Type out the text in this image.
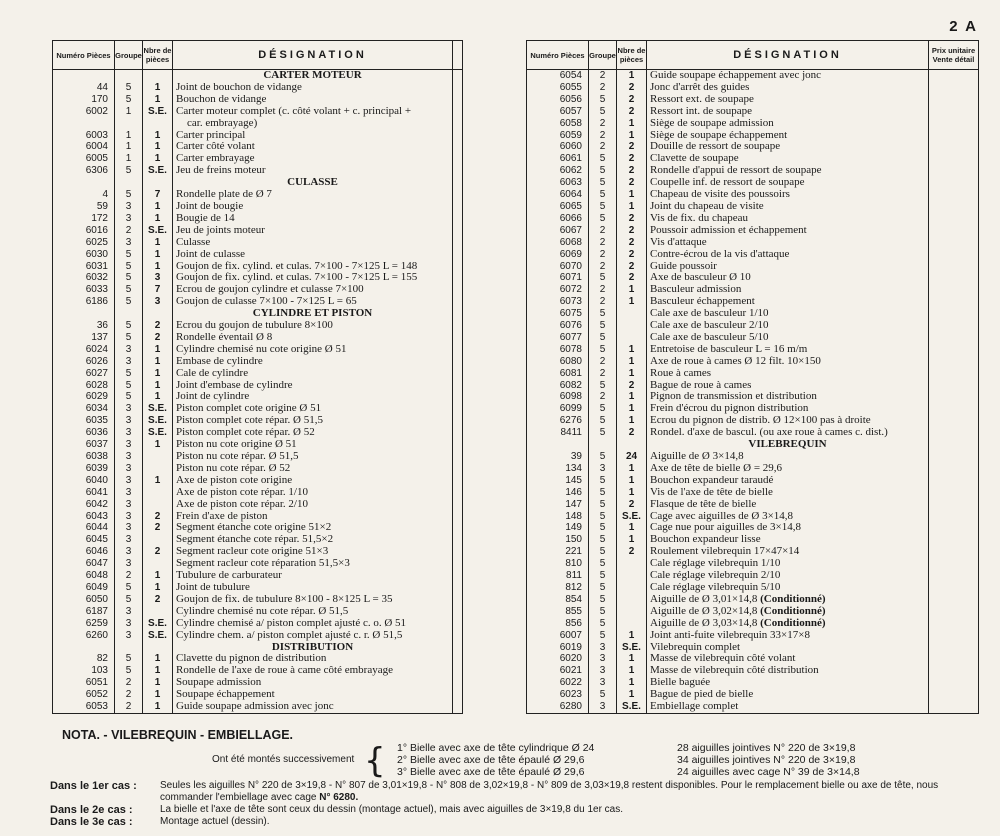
2 A
Numéro Pièces	Groupe	Nbre de pièces	DÉSIGNATION	
			CARTER MOTEUR	
44	5	1	Joint de bouchon de vidange	
170	5	1	Bouchon de vidange	
6002	1	S.E.	Carter moteur complet (c. côté volant + c. principal +	
			car. embrayage)	
6003	1	1	Carter principal	
6004	1	1	Carter côté volant	
6005	1	1	Carter embrayage	
6306	5	S.E.	Jeu de freins moteur	
			CULASSE	
4	5	7	Rondelle plate de Ø 7	
59	3	1	Joint de bougie	
172	3	1	Bougie de 14	
6016	2	S.E.	Jeu de joints moteur	
6025	3	1	Culasse	
6030	5	1	Joint de culasse	
6031	5	1	Goujon de fix. cylind. et culas. 7×100 - 7×125 L = 148	
6032	5	3	Goujon de fix. cylind. et culas. 7×100 - 7×125 L = 155	
6033	5	7	Ecrou de goujon cylindre et culasse 7×100	
6186	5	3	Goujon de culasse 7×100 - 7×125 L = 65	
			CYLINDRE ET PISTON	
36	5	2	Ecrou du goujon de tubulure 8×100	
137	5	2	Rondelle éventail Ø 8	
6024	3	1	Cylindre chemisé nu cote origine Ø 51	
6026	3	1	Embase de cylindre	
6027	5	1	Cale de cylindre	
6028	5	1	Joint d'embase de cylindre	
6029	5	1	Joint de cylindre	
6034	3	S.E.	Piston complet cote origine Ø 51	
6035	3	S.E.	Piston complet cote répar. Ø 51,5	
6036	3	S.E.	Piston complet cote répar. Ø 52	
6037	3	1	Piston nu cote origine Ø 51	
6038	3		Piston nu cote répar. Ø 51,5	
6039	3		Piston nu cote répar. Ø 52	
6040	3	1	Axe de piston cote origine	
6041	3		Axe de piston cote répar. 1/10	
6042	3		Axe de piston cote répar. 2/10	
6043	3	2	Frein d'axe de piston	
6044	3	2	Segment étanche cote origine 51×2	
6045	3		Segment étanche cote répar. 51,5×2	
6046	3	2	Segment racleur cote origine 51×3	
6047	3		Segment racleur cote réparation 51,5×3	
6048	2	1	Tubulure de carburateur	
6049	5	1	Joint de tubulure	
6050	5	2	Goujon de fix. de tubulure 8×100 - 8×125 L = 35	
6187	3		Cylindre chemisé nu cote répar. Ø 51,5	
6259	3	S.E.	Cylindre chemisé a/ piston complet ajusté c. o. Ø 51	
6260	3	S.E.	Cylindre chem. a/ piston complet ajusté c. r. Ø 51,5	
			DISTRIBUTION	
82	5	1	Clavette du pignon de distribution	
103	5	1	Rondelle de l'axe de roue à came côté embrayage	
6051	2	1	Soupape admission	
6052	2	1	Soupape échappement	
6053	2	1	Guide soupape admission avec jonc	
Numéro Pièces	Groupe	Nbre de pièces	DÉSIGNATION	Prix unitaire Vente détail
6054	2	1	Guide soupape échappement avec jonc	
6055	2	2	Jonc d'arrêt des guides	
6056	5	2	Ressort ext. de soupape	
6057	5	2	Ressort int. de soupape	
6058	2	1	Siège de soupape admission	
6059	2	1	Siège de soupape échappement	
6060	2	2	Douille de ressort de soupape	
6061	5	2	Clavette de soupape	
6062	5	2	Rondelle d'appui de ressort de soupape	
6063	5	2	Coupelle inf. de ressort de soupape	
6064	5	1	Chapeau de visite des poussoirs	
6065	5	1	Joint du chapeau de visite	
6066	5	2	Vis de fix. du chapeau	
6067	2	2	Poussoir admission et échappement	
6068	2	2	Vis d'attaque	
6069	2	2	Contre-écrou de la vis d'attaque	
6070	2	2	Guide poussoir	
6071	5	2	Axe de basculeur Ø 10	
6072	2	1	Basculeur admission	
6073	2	1	Basculeur échappement	
6075	5		Cale axe de basculeur 1/10	
6076	5		Cale axe de basculeur 2/10	
6077	5		Cale axe de basculeur 5/10	
6078	5	1	Entretoise de basculeur L = 16 m/m	
6080	2	1	Axe de roue à cames Ø 12 filt. 10×150	
6081	2	1	Roue à cames	
6082	5	2	Bague de roue à cames	
6098	2	1	Pignon de transmission et distribution	
6099	5	1	Frein d'écrou du pignon distribution	
6276	5	1	Ecrou du pignon de distrib. Ø 12×100 pas à droite	
8411	5	2	Rondel. d'axe de bascul. (ou axe roue à cames c. dist.)	
			VILEBREQUIN	
39	5	24	Aiguille de Ø 3×14,8	
134	3	1	Axe de tête de bielle Ø = 29,6	
145	5	1	Bouchon expandeur taraudé	
146	5	1	Vis de l'axe de tête de bielle	
147	5	2	Flasque de tête de bielle	
148	5	S.E.	Cage avec aiguilles de Ø 3×14,8	
149	5	1	Cage nue pour aiguilles de 3×14,8	
150	5	1	Bouchon expandeur lisse	
221	5	2	Roulement vilebrequin 17×47×14	
810	5		Cale réglage vilebrequin 1/10	
811	5		Cale réglage vilebrequin 2/10	
812	5		Cale réglage vilebrequin 5/10	
854	5		Aiguille de Ø 3,01×14,8 (Conditionné)	
855	5		Aiguille de Ø 3,02×14,8 (Conditionné)	
856	5		Aiguille de Ø 3,03×14,8 (Conditionné)	
6007	5	1	Joint anti-fuite vilebrequin 33×17×8	
6019	3	S.E.	Vilebrequin complet	
6020	3	1	Masse de vilebrequin côté volant	
6021	3	1	Masse de vilebrequin côté distribution	
6022	3	1	Bielle baguée	
6023	5	1	Bague de pied de bielle	
6280	3	S.E.	Embiellage complet	
NOTA. - VILEBREQUIN - EMBIELLAGE.
Ont été montés successivement { 1° Bielle avec axe de tête cylindrique Ø 24
2° Bielle avec axe de tête épaulé Ø 29,6
3° Bielle avec axe de tête épaulé Ø 29,6
28 aiguilles jointives N° 220 de 3×19,8
34 aiguilles jointives N° 220 de 3×19,8
24 aiguilles avec cage N° 39 de 3×14,8
Dans le 1er cas : Seules les aiguilles N° 220 de 3×19,8 - N° 807 de 3,01×19,8 - N° 808 de 3,02×19,8 - N° 809 de 3,03×19,8 restent disponibles. Pour le remplacement bielle ou axe de tête, nous commander l'embiellage avec cage N° 6280.
Dans le 2e cas :	La bielle et l'axe de tête sont ceux du dessin (montage actuel), mais avec aiguilles de 3×19,8 du 1er cas.
Dans le 3e cas :	Montage actuel (dessin).
